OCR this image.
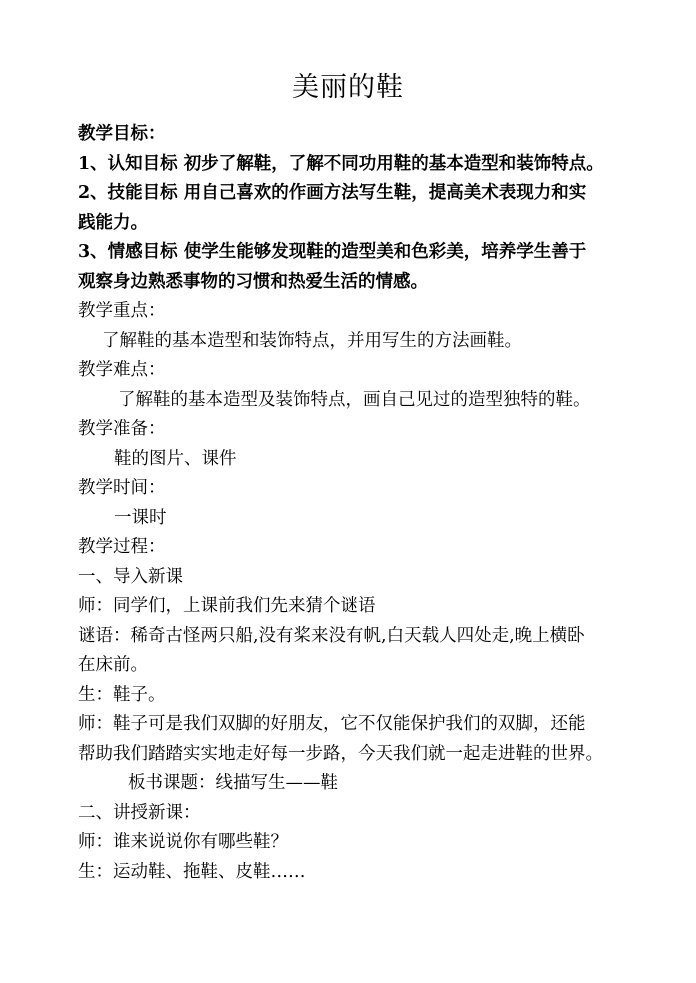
美丽的鞋
教学目标：
1、认知目标 初步了解鞋，了解不同功用鞋的基本造型和装饰特点。
2、技能目标 用自己喜欢的作画方法写生鞋，提高美术表现力和实
践能力。
3、情感目标 使学生能够发现鞋的造型美和色彩美，培养学生善于
观察身边熟悉事物的习惯和热爱生活的情感。
教学重点：
了解鞋的基本造型和装饰特点，并用写生的方法画鞋。
教学难点：
了解鞋的基本造型及装饰特点，画自己见过的造型独特的鞋。
教学准备：
鞋的图片、课件
教学时间：
一课时
教学过程：
一、导入新课
师：同学们，上课前我们先来猜个谜语
谜语：稀奇古怪两只船,没有桨来没有帆,白天载人四处走,晚上横卧
在床前。
生：鞋子。
师：鞋子可是我们双脚的好朋友，它不仅能保护我们的双脚，还能
帮助我们踏踏实实地走好每一步路，今天我们就一起走进鞋的世界。
板书课题：线描写生——鞋
二、讲授新课：
师：谁来说说你有哪些鞋？
生：运动鞋、拖鞋、皮鞋……
